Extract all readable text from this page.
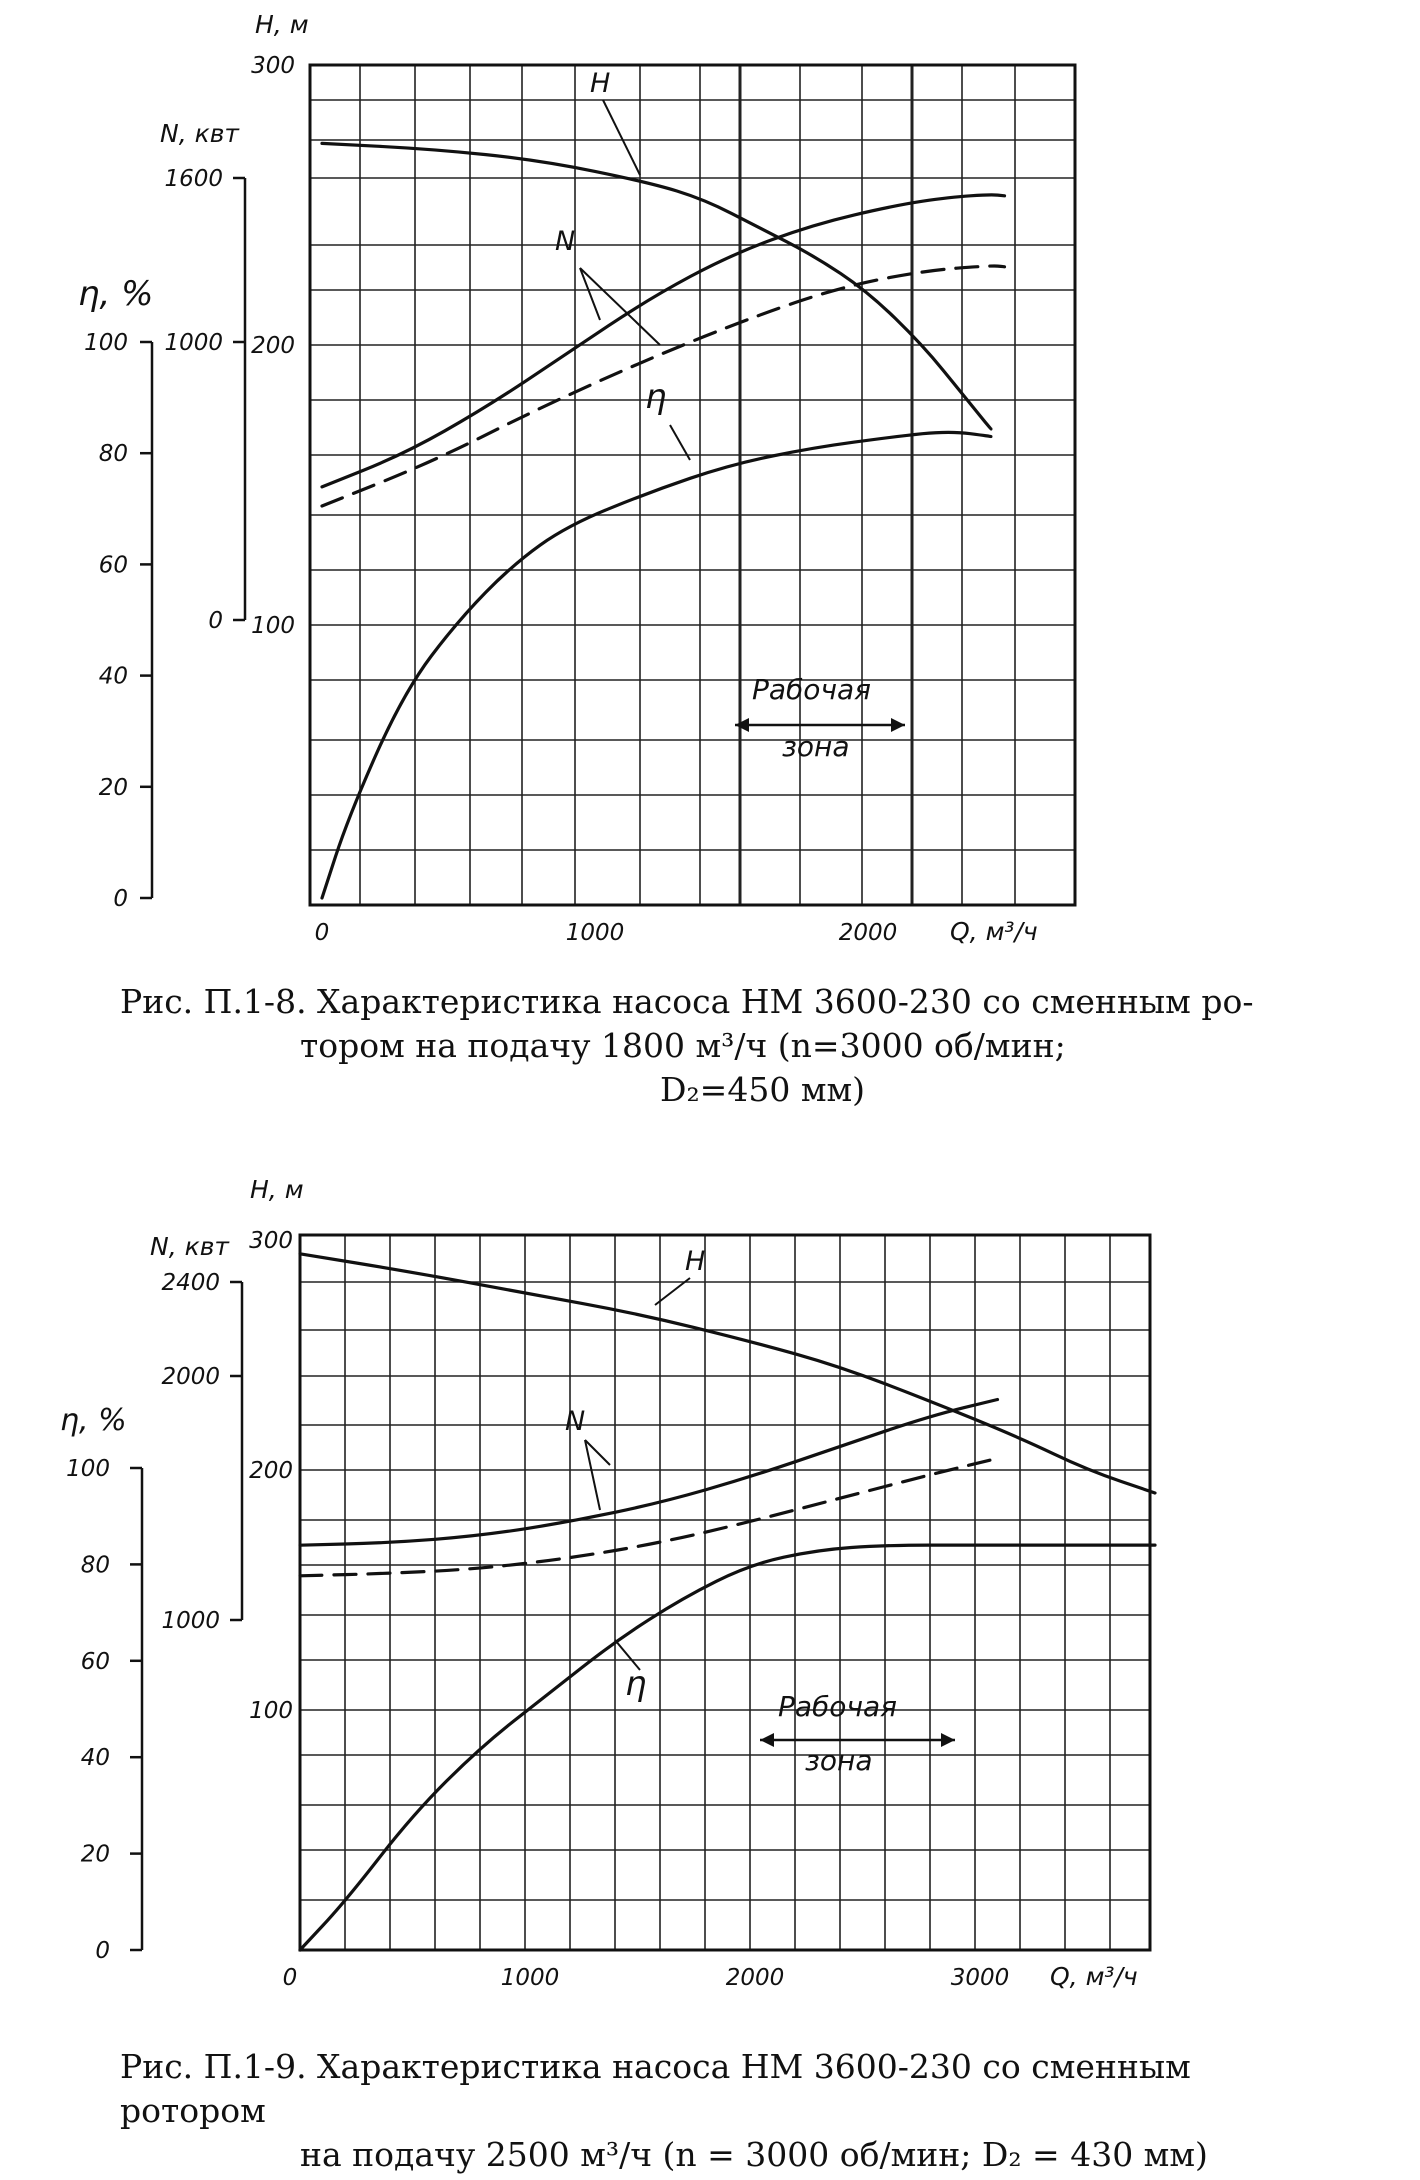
300
200
100
1600
1000
0
100
80
60
40
20
0
0	1000	2000
H, м
N, квт
η, %
Q, м³/ч
H
N
η
Рабочая
зона
300
200
100
2400
2000
1000
100
80
60
40
20
0
0	1000	2000	3000
H, м
N, квт
η, %
Q, м³/ч
H
N
η
Рабочая
зона
Рис. П.1-8. Характеристика насоса НМ 3600-230 со сменным ро-
тором на подачу 1800 м³/ч (n=3000 об/мин;
D₂=450 мм)
Рис. П.1-9. Характеристика насоса НМ 3600-230 со сменным ротором
на подачу 2500 м³/ч (n = 3000 об/мин; D₂ = 430 мм)
